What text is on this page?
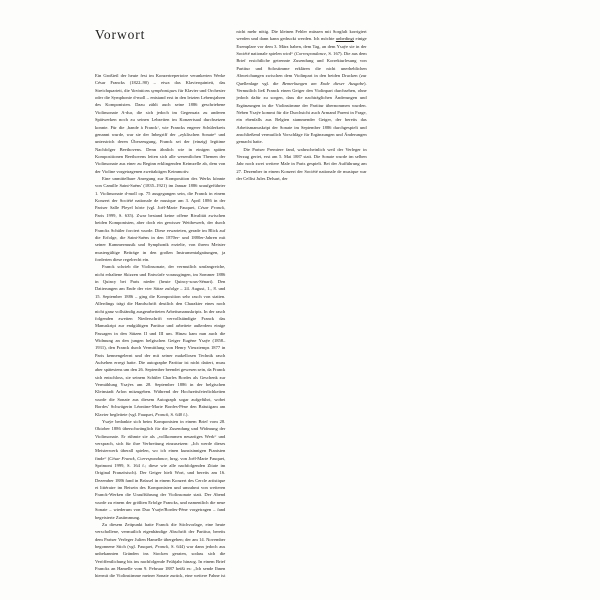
Vorwort

Ein Großteil der heute fest im Konzertrepertoire verankerten Werke César Francks (1822–90) – etwa das Klavierquintett, das Streichquartett, die Variations symphoniques für Klavier und Orchester oder die Symphonie d-moll – entstand erst in den letzten Lebensjahren des Komponisten. Dazu zählt auch seine 1886 geschriebene Violinsonate A-dur, die sich jedoch im Gegensatz zu anderen Spätwerken noch zu seinen Lebzeiten im Konzertsaal durchsetzen konnte. Für die ‚bande à Franck‘, wie Francks engerer Schülerkreis genannt wurde, war sie der Inbegriff der „zyklischen Sonate“ und unterstrich deren Überzeugung, Franck sei der (einzig) legitime Nachfolger Beethovens. Denn ähnlich wie in einigen späten Kompositionen Beethovens leiten sich alle wesentlichen Themen der Violinsonate aus einer zu Beginn erklingenden Keimzelle ab, dem von der Violine vorgetragenen zweitaktigen Keimmotiv.

Eine unmittelbare Anregung zur Komposition des Werks könnte von Camille Saint-Saëns' (1835–1921) im Januar 1886 uraufgeführter 1. Violinsonate d-moll op. 75 ausgegangen sein, die Franck in einem Konzert der Société nationale de musique am 3. April 1886 in der Pariser Salle Pleyel hörte (vgl. Joël-Marie Fauquet, César Franck, Paris 1999, S. 635). Zwar bestand keine offene Rivalität zwischen beiden Komponisten, aber doch ein gewisser Wettbewerb, der durch Francks Schüler forciert wurde. Diese erwarteten, gerade im Blick auf die Erfolge, die Saint-Saëns in den 1870er- und 1880er-Jahren mit seiner Kammermusik und Symphonik erzielte, von ihrem Meister mustergültige Beiträge in den großen Instrumentalgattungen, ja forderten diese regelrecht ein.

Franck schrieb die Violinsonate, der vermutlich umfangreiche, nicht erhaltene Skizzen und Entwürfe vorausgingen, im Sommer 1886 in Quincy bei Paris nieder (heute Quincy-sous-Sénart). Den Datierungen am Ende der vier Sätze zufolge – 24. August, 1., 8. und 15. September 1886 – ging die Komposition sehr rasch von statten. Allerdings trägt die Handschrift deutlich den Charakter eines noch nicht ganz vollständig ausgearbeiteten Arbeitsmanuskripts. In der rasch folgenden zweiten Niederschrift vervollständigte Franck das Manuskript zur endgültigen Partitur und arbeitete außerdem einige Passagen in den Sätzen II und III um. Hinzu kam nun auch die Widmung an den jungen belgischen Geiger Eugène Ysaÿe (1858–1931), den Franck durch Vermittlung von Henry Vieuxtemps 1877 in Paris kennengelernt und der mit seiner makellosen Technik rasch Aufsehen erregt hatte. Die autographe Partitur ist nicht datiert, muss aber spätestens um den 26. September beendet gewesen sein, da Franck sich entschloss, sie seinem Schüler Charles Bordes als Geschenk zur Vermählung Ysaÿes am 28. September 1886 in der belgischen Kleinstadt Arlon mitzugeben. Während der Hochzeitsfeierlichkeiten wurde die Sonate aus diesem Autograph sogar aufgeführt, wobei Bordes' Schwägerin Léontine-Marie Bordes-Pène den Bräutigam am Klavier begleitete (vgl. Fauquet, Franck, S. 640 f.).

Ysaÿe bedankte sich beim Komponisten in einem Brief vom 28. Oktober 1886 überschwänglich für die Zusendung und Widmung der Violinsonate. Er rühmte sie als „vollkommen neuartiges Werk“ und versprach, sich für ihre Verbreitung einzusetzen: „Ich werde dieses Meisterwerk überall spielen, wo ich einen kunstsinnigen Pianisten finde“ (César Franck, Correspondance, hrsg. von Joël-Marie Fauquet, Sprimont 1999, S. 164 f.; diese wie alle nachfolgenden Zitate im Original Französisch). Der Geiger hielt Wort, und bereits am 16. Dezember 1886 fand in Brüssel in einem Konzert des Cercle artistique et littéraire im Beisein des Komponisten und umrahmt von weiteren Franck-Werken die Uraufführung der Violinsonate statt. Der Abend wurde zu einem der größten Erfolge Francks, und namentlich die neue Sonate – wiederum von Duo Ysaÿe/Bordes-Pène vorgetragen – fand begeisterte Zustimmung.

Zu diesem Zeitpunkt hatte Franck die Stichvorlage, eine heute verschollene, vermutlich eigenhändige Abschrift der Partitur, bereits dem Pariser Verleger Julien Hamelle übergeben; der am 14. November begonnene Stich (vgl. Fauquet, Franck, S. 644) war dann jedoch aus unbekannten Gründen ins Stocken geraten, sodass sich die Veröffentlichung bis ins nachfolgende Frühjahr hinzog. In einem Brief Francks an Hamelle vom 9. Februar 1887 heißt es: „Ich sende Ihnen hiermit die Violinstimme meiner Sonate zurück, eine weitere Fahne ist nicht mehr nötig. Die kleinen Fehler müssen mit Sorgfalt korrigiert werden und dann kann gedruckt werden. Ich möchte unbedingt einige Exemplare vor dem 3. März haben, dem Tag, an dem Ysaÿe sie in der Société nationale spielen wird“ (Correspondance, S. 167). Die aus dem Brief ersichtliche getrennte Zusendung und Korrekturlesung von Partitur und Solostimme erklären die nicht unerheblichen Abweichungen zwischen dem Violinpart in den beiden Drucken (zur Quellenlage vgl. die Bemerkungen am Ende dieser Ausgabe). Vermutlich ließ Franck einen Geiger den Violinpart durchsehen, ohne jedoch dafür zu sorgen, dass die nachträglichen Änderungen und Ergänzungen in die Violinstimme der Partitur übernommen wurden. Neben Ysaÿe kommt für die Durchsicht auch Armand Parent in Frage, ein ebenfalls aus Belgien stammender Geiger, der bereits das Arbeitsmanuskript der Sonate im September 1886 durchgespielt und anschließend vermutlich Vorschläge für Ergänzungen und Änderungen gemacht hatte.

Die Pariser Premiere fand, wahrscheinlich weil der Verleger in Verzug geriet, erst am 5. Mai 1887 statt. Die Sonate wurde im selben Jahr noch zwei weitere Male in Paris gespielt. Bei der Aufführung am 27. Dezember in einem Konzert der Société nationale de musique war der Cellist Jules Delsart, der
